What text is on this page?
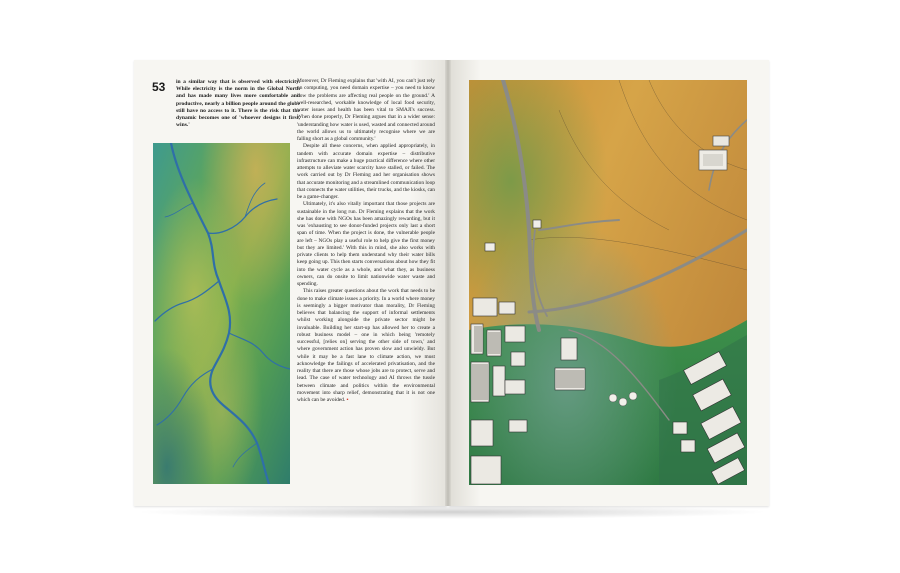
53 in a similar way that is observed with electricity. While electricity is the norm in the Global North and has made many lives more comfortable and productive, nearly a billion people around the globe still have no access to it. There is the risk that the dynamic becomes one of 'whoever designs it first, wins.'

Moreover, Dr Fleming explains that 'with AI, you can't just rely on computing, you need domain expertise – you need to know how the problems are affecting real people on the ground.' A well-researched, workable knowledge of local food security, water issues and health has been vital to SMAJI's success. When done properly, Dr Fleming argues that in a wider sense: 'understanding how water is used, wasted and connected around the world allows us to ultimately recognise where we are falling short as a global community.'

Despite all these concerns, when applied appropriately, in tandem with accurate domain expertise – distributive infrastructure can make a huge practical difference where other attempts to alleviate water scarcity have stalled, or failed. The work carried out by Dr Fleming and her organisation shows that accurate monitoring and a streamlined communication loop that connects the water utilities, their trucks, and the kiosks, can be a game-changer.

Ultimately, it's also vitally important that those projects are sustainable in the long run. Dr Fleming explains that the work she has done with NGOs has been amazingly rewarding, but it was 'exhausting to see donor-funded projects only last a short span of time. When the project is done, the vulnerable people are left – NGOs play a useful role to help give the first money but they are limited.' With this in mind, she also works with private clients to help them understand why their water bills keep going up. This then starts conversations about how they fit into the water cycle as a whole, and what they, as business owners, can do onsite to limit nationwide water waste and spending.

This raises greater questions about the work that needs to be done to make climate issues a priority. In a world where money is seemingly a bigger motivator than morality, Dr Fleming believes that balancing the support of informal settlements whilst working alongside the private sector might be invaluable. Building her start-up has allowed her to create a robust business model – one in which being 'remotely successful, [relies on] serving the other side of town,' and where government action has proven slow and unwieldy. But while it may be a fast lane to climate action, we must acknowledge the failings of accelerated privatisation, and the reality that there are those whose jobs are to protect, serve and lead. The case of water technology and AI throws the tussle between climate and politics within the environmental movement into sharp relief, demonstrating that it is not one which can be avoided. ▪
